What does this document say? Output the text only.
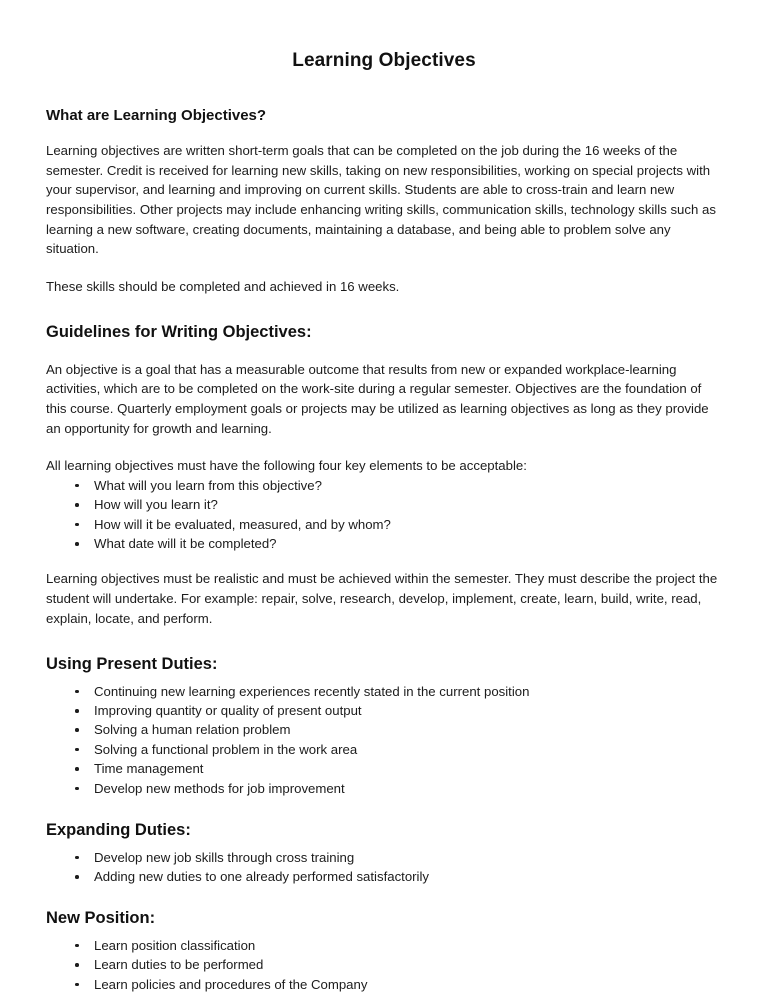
Learning Objectives
What are Learning Objectives?

Learning objectives are written short-term goals that can be completed on the job during the 16 weeks of the semester. Credit is received for learning new skills, taking on new responsibilities, working on special projects with your supervisor, and learning and improving on current skills. Students are able to cross-train and learn new responsibilities. Other projects may include enhancing writing skills, communication skills, technology skills such as learning a new software, creating documents, maintaining a database, and being able to problem solve any situation.

These skills should be completed and achieved in 16 weeks.

Guidelines for Writing Objectives:

An objective is a goal that has a measurable outcome that results from new or expanded workplace-learning activities, which are to be completed on the work-site during a regular semester. Objectives are the foundation of this course. Quarterly employment goals or projects may be utilized as learning objectives as long as they provide an opportunity for growth and learning.

All learning objectives must have the following four key elements to be acceptable:

What will you learn from this objective?
How will you learn it?
How will it be evaluated, measured, and by whom?
What date will it be completed?

Learning objectives must be realistic and must be achieved within the semester. They must describe the project the student will undertake. For example: repair, solve, research, develop, implement, create, learn, build, write, read, explain, locate, and perform.

Using Present Duties:
Continuing new learning experiences recently stated in the current position
Improving quantity or quality of present output
Solving a human relation problem
Solving a functional problem in the work area
Time management
Develop new methods for job improvement
Expanding Duties:
Develop new job skills through cross training
Adding new duties to one already performed satisfactorily
New Position:
Learn position classification
Learn duties to be performed
Learn policies and procedures of the Company
